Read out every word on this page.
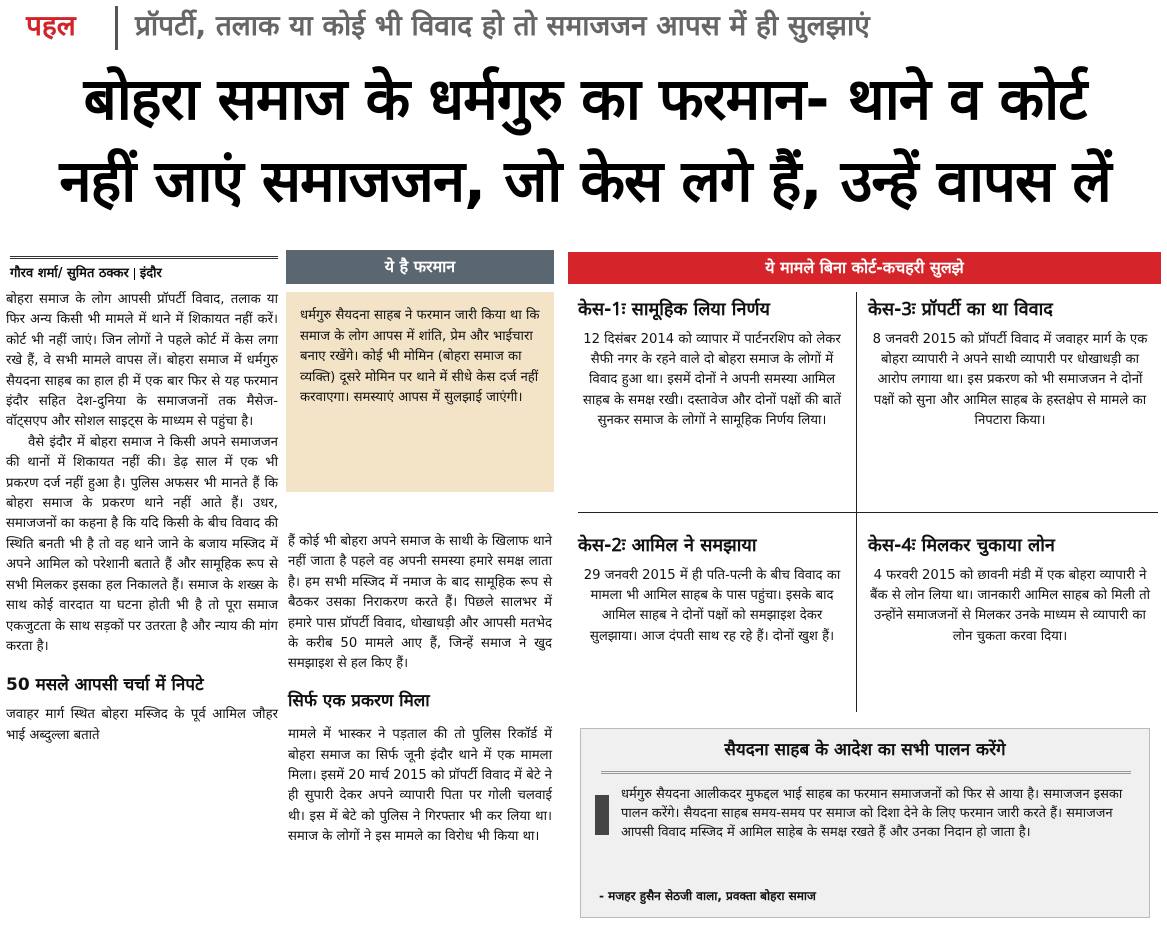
पहल प्रॉपर्टी, तलाक या कोई भी विवाद हो तो समाजजन आपस में ही सुलझाएं
बोहरा समाज के धर्मगुरु का फरमान- थाने व कोर्ट
नहीं जाएं समाजजन, जो केस लगे हैं, उन्हें वापस लें
गौरव शर्मा/ सुमित ठक्कर इंदौर

बोहरा समाज के लोग आपसी प्रॉपर्टी विवाद, तलाक या फिर अन्य किसी भी मामले में थाने में शिकायत नहीं करें। कोर्ट भी नहीं जाएं। जिन लोगों ने पहले कोर्ट में केस लगा रखे हैं, वे सभी मामले वापस लें। बोहरा समाज में धर्मगुरु सैयदना साहब का हाल ही में एक बार फिर से यह फरमान इंदौर सहित देश-दुनिया के समाजजनों तक मैसेज-वॉट्सएप और सोशल साइट्स के माध्यम से पहुंचा है।

वैसे इंदौर में बोहरा समाज ने किसी अपने समाजजन की थानों में शिकायत नहीं की। डेढ़ साल में एक भी प्रकरण दर्ज नहीं हुआ है। पुलिस अफसर भी मानते हैं कि बोहरा समाज के प्रकरण थाने नहीं आते हैं। उधर, समाजजनों का कहना है कि यदि किसी के बीच विवाद की स्थिति बनती भी है तो वह थाने जाने के बजाय मस्जिद में अपने आमिल को परेशानी बताते हैं और सामूहिक रूप से सभी मिलकर इसका हल निकालते हैं। समाज के शख्स के साथ कोई वारदात या घटना होती भी है तो पूरा समाज एकजुटता के साथ सड़कों पर उतरता है और न्याय की मांग करता है।

50 मसले आपसी चर्चा में निपटे

जवाहर मार्ग स्थित बोहरा मस्जिद के पूर्व आमिल जौहर भाई अब्दुल्ला बताते

ये है फरमान
धर्मगुरु सैयदना साहब ने फरमान जारी किया था कि समाज के लोग आपस में शांति, प्रेम और भाईचारा बनाए रखेंगे। कोई भी मोमिन (बोहरा समाज का व्यक्ति) दूसरे मोमिन पर थाने में सीधे केस दर्ज नहीं करवाएगा। समस्याएं आपस में सुलझाई जाएंगी।

हैं कोई भी बोहरा अपने समाज के साथी के खिलाफ थाने नहीं जाता है पहले वह अपनी समस्या हमारे समक्ष लाता है। हम सभी मस्जिद में नमाज के बाद सामूहिक रूप से बैठकर उसका निराकरण करते हैं। पिछले सालभर में हमारे पास प्रॉपर्टी विवाद, धोखाधड़ी और आपसी मतभेद के करीब 50 मामले आए हैं, जिन्हें समाज ने खुद समझाइश से हल किए हैं।

सिर्फ एक प्रकरण मिला

मामले में भास्कर ने पड़ताल की तो पुलिस रिकॉर्ड में बोहरा समाज का सिर्फ जूनी इंदौर थाने में एक मामला मिला। इसमें 20 मार्च 2015 को प्रॉपर्टी विवाद में बेटे ने ही सुपारी देकर अपने व्यापारी पिता पर गोली चलवाई थी। इस में बेटे को पुलिस ने गिरफ्तार भी कर लिया था। समाज के लोगों ने इस मामले का विरोध भी किया था।

ये मामले बिना कोर्ट-कचहरी सुलझे
केस-1ः सामूहिक लिया निर्णय
12 दिसंबर 2014 को व्यापार में पार्टनरशिप को लेकर सैफी नगर के रहने वाले दो बोहरा समाज के लोगों में विवाद हुआ था। इसमें दोनों ने अपनी समस्या आमिल साहब के समक्ष रखी। दस्तावेज और दोनों पक्षों की बातें सुनकर समाज के लोगों ने सामूहिक निर्णय लिया।
केस-3ः प्रॉपर्टी का था विवाद
8 जनवरी 2015 को प्रॉपर्टी विवाद में जवाहर मार्ग के एक बोहरा व्यापारी ने अपने साथी व्यापारी पर धोखाधड़ी का आरोप लगाया था। इस प्रकरण को भी समाजजन ने दोनों पक्षों को सुना और आमिल साहब के हस्तक्षेप से मामले का निपटारा किया।
केस-2ः आमिल ने समझाया
29 जनवरी 2015 में ही पति-पत्नी के बीच विवाद का मामला भी आमिल साहब के पास पहुंचा। इसके बाद आमिल साहब ने दोनों पक्षों को समझाइश देकर सुलझाया। आज दंपती साथ रह रहे हैं। दोनों खुश हैं।
केस-4ः मिलकर चुकाया लोन
4 फरवरी 2015 को छावनी मंडी में एक बोहरा व्यापारी ने बैंक से लोन लिया था। जानकारी आमिल साहब को मिली तो उन्होंने समाजजनों से मिलकर उनके माध्यम से व्यापारी का लोन चुकता करवा दिया।
सैयदना साहब के आदेश का सभी पालन करेंगे
धर्मगुरु सैयदना आलीकदर मुफद्दल भाई साहब का फरमान समाजजनों को फिर से आया है। समाजजन इसका पालन करेंगे। सैयदना साहब समय-समय पर समाज को दिशा देने के लिए फरमान जारी करते हैं। समाजजन आपसी विवाद मस्जिद में आमिल साहेब के समक्ष रखते हैं और उनका निदान हो जाता है।
- मजहर हुसैन सेठजी वाला, प्रवक्ता बोहरा समाज
